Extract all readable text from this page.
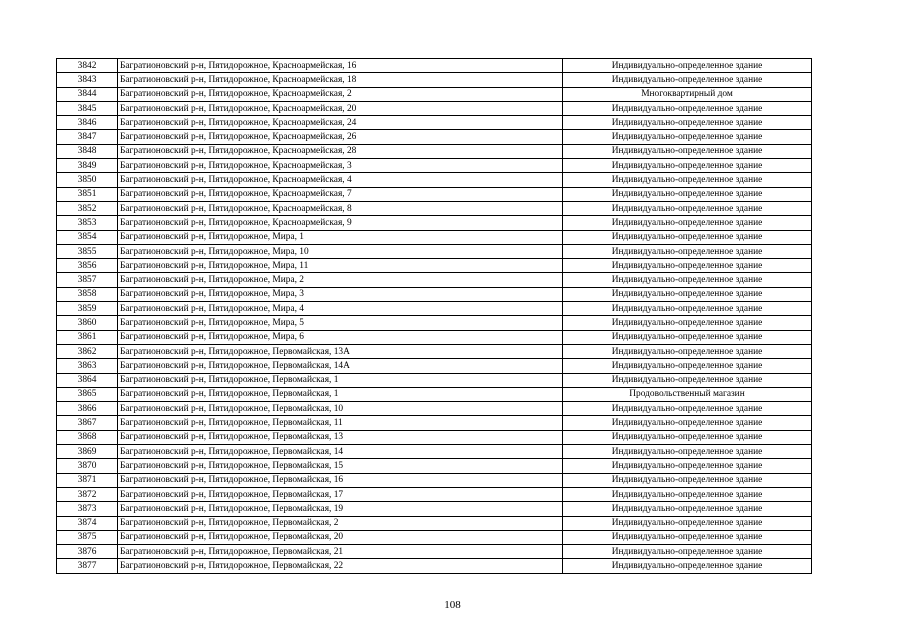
3842	Багратионовский р-н, Пятидорожное, Красноармейская, 16	Индивидуально-определенное здание
3843	Багратионовский р-н, Пятидорожное, Красноармейская, 18	Индивидуально-определенное здание
3844	Багратионовский р-н, Пятидорожное, Красноармейская, 2	Многоквартирный дом
3845	Багратионовский р-н, Пятидорожное, Красноармейская, 20	Индивидуально-определенное здание
3846	Багратионовский р-н, Пятидорожное, Красноармейская, 24	Индивидуально-определенное здание
3847	Багратионовский р-н, Пятидорожное, Красноармейская, 26	Индивидуально-определенное здание
3848	Багратионовский р-н, Пятидорожное, Красноармейская, 28	Индивидуально-определенное здание
3849	Багратионовский р-н, Пятидорожное, Красноармейская, 3	Индивидуально-определенное здание
3850	Багратионовский р-н, Пятидорожное, Красноармейская, 4	Индивидуально-определенное здание
3851	Багратионовский р-н, Пятидорожное, Красноармейская, 7	Индивидуально-определенное здание
3852	Багратионовский р-н, Пятидорожное, Красноармейская, 8	Индивидуально-определенное здание
3853	Багратионовский р-н, Пятидорожное, Красноармейская, 9	Индивидуально-определенное здание
3854	Багратионовский р-н, Пятидорожное, Мира, 1	Индивидуально-определенное здание
3855	Багратионовский р-н, Пятидорожное, Мира, 10	Индивидуально-определенное здание
3856	Багратионовский р-н, Пятидорожное, Мира, 11	Индивидуально-определенное здание
3857	Багратионовский р-н, Пятидорожное, Мира, 2	Индивидуально-определенное здание
3858	Багратионовский р-н, Пятидорожное, Мира, 3	Индивидуально-определенное здание
3859	Багратионовский р-н, Пятидорожное, Мира, 4	Индивидуально-определенное здание
3860	Багратионовский р-н, Пятидорожное, Мира, 5	Индивидуально-определенное здание
3861	Багратионовский р-н, Пятидорожное, Мира, 6	Индивидуально-определенное здание
3862	Багратионовский р-н, Пятидорожное, Первомайская, 13А	Индивидуально-определенное здание
3863	Багратионовский р-н, Пятидорожное, Первомайская, 14А	Индивидуально-определенное здание
3864	Багратионовский р-н, Пятидорожное, Первомайская, 1	Индивидуально-определенное здание
3865	Багратионовский р-н, Пятидорожное, Первомайская, 1	Продовольственный магазин
3866	Багратионовский р-н, Пятидорожное, Первомайская, 10	Индивидуально-определенное здание
3867	Багратионовский р-н, Пятидорожное, Первомайская, 11	Индивидуально-определенное здание
3868	Багратионовский р-н, Пятидорожное, Первомайская, 13	Индивидуально-определенное здание
3869	Багратионовский р-н, Пятидорожное, Первомайская, 14	Индивидуально-определенное здание
3870	Багратионовский р-н, Пятидорожное, Первомайская, 15	Индивидуально-определенное здание
3871	Багратионовский р-н, Пятидорожное, Первомайская, 16	Индивидуально-определенное здание
3872	Багратионовский р-н, Пятидорожное, Первомайская, 17	Индивидуально-определенное здание
3873	Багратионовский р-н, Пятидорожное, Первомайская, 19	Индивидуально-определенное здание
3874	Багратионовский р-н, Пятидорожное, Первомайская, 2	Индивидуально-определенное здание
3875	Багратионовский р-н, Пятидорожное, Первомайская, 20	Индивидуально-определенное здание
3876	Багратионовский р-н, Пятидорожное, Первомайская, 21	Индивидуально-определенное здание
3877	Багратионовский р-н, Пятидорожное, Первомайская, 22	Индивидуально-определенное здание
108
